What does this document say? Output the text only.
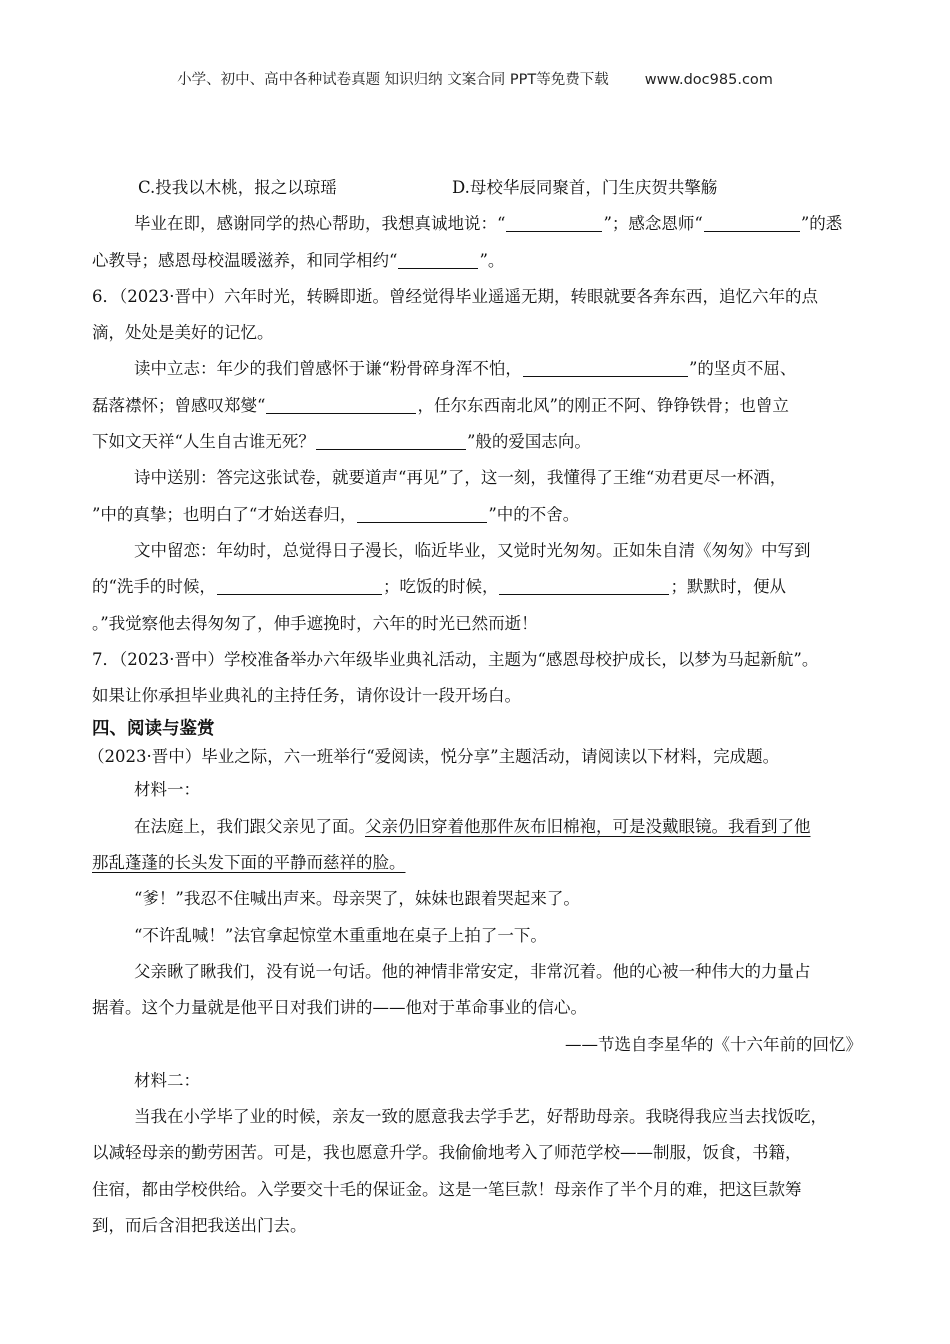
小学、初中、高中各种试卷真题 知识归纳 文案合同 PPT等免费下载 www.doc985.com
C.投我以木桃，报之以琼瑶	D.母校华辰同聚首，门生庆贺共擎觞
毕业在即，感谢同学的热心帮助，我想真诚地说：“	”；感念恩师“	”的悉
心教导；感恩母校温暖滋养，和同学相约“	”。
6．（2023·晋中）六年时光，转瞬即逝。曾经觉得毕业遥遥无期，转眼就要各奔东西，追忆六年的点
滴，处处是美好的记忆。
读中立志：年少的我们曾感怀于谦“粉骨碎身浑不怕，	”的坚贞不屈、
磊落襟怀；曾感叹郑燮“	，任尔东西南北风”的刚正不阿、铮铮铁骨；也曾立
下如文天祥“人生自古谁无死？	”般的爱国志向。
诗中送别：答完这张试卷，就要道声“再见”了，这一刻，我懂得了王维“劝君更尽一杯酒，
”中的真挚；也明白了“才始送春归，	”中的不舍。
文中留恋：年幼时，总觉得日子漫长，临近毕业，又觉时光匆匆。正如朱自清《匆匆》中写到
的“洗手的时候，	；吃饭的时候，	；默默时，便从
。”我觉察他去得匆匆了，伸手遮挽时，六年的时光已然而逝！
7．（2023·晋中）学校准备举办六年级毕业典礼活动，主题为“感恩母校护成长，以梦为马起新航”。
如果让你承担毕业典礼的主持任务，请你设计一段开场白。
四、阅读与鉴赏
（2023·晋中）毕业之际，六一班举行“爱阅读，悦分享”主题活动，请阅读以下材料，完成题。
材料一：
在法庭上，我们跟父亲见了面。父亲仍旧穿着他那件灰布旧棉袍，可是没戴眼镜。我看到了他
那乱蓬蓬的长头发下面的平静而慈祥的脸。
“爹！”我忍不住喊出声来。母亲哭了，妹妹也跟着哭起来了。
“不许乱喊！”法官拿起惊堂木重重地在桌子上拍了一下。
父亲瞅了瞅我们，没有说一句话。他的神情非常安定，非常沉着。他的心被一种伟大的力量占
据着。这个力量就是他平日对我们讲的——他对于革命事业的信心。
——节选自李星华的《十六年前的回忆》
材料二：
当我在小学毕了业的时候，亲友一致的愿意我去学手艺，好帮助母亲。我晓得我应当去找饭吃，
以减轻母亲的勤劳困苦。可是，我也愿意升学。我偷偷地考入了师范学校——制服，饭食，书籍，
住宿，都由学校供给。入学要交十毛的保证金。这是一笔巨款！母亲作了半个月的难，把这巨款筹
到，而后含泪把我送出门去。
